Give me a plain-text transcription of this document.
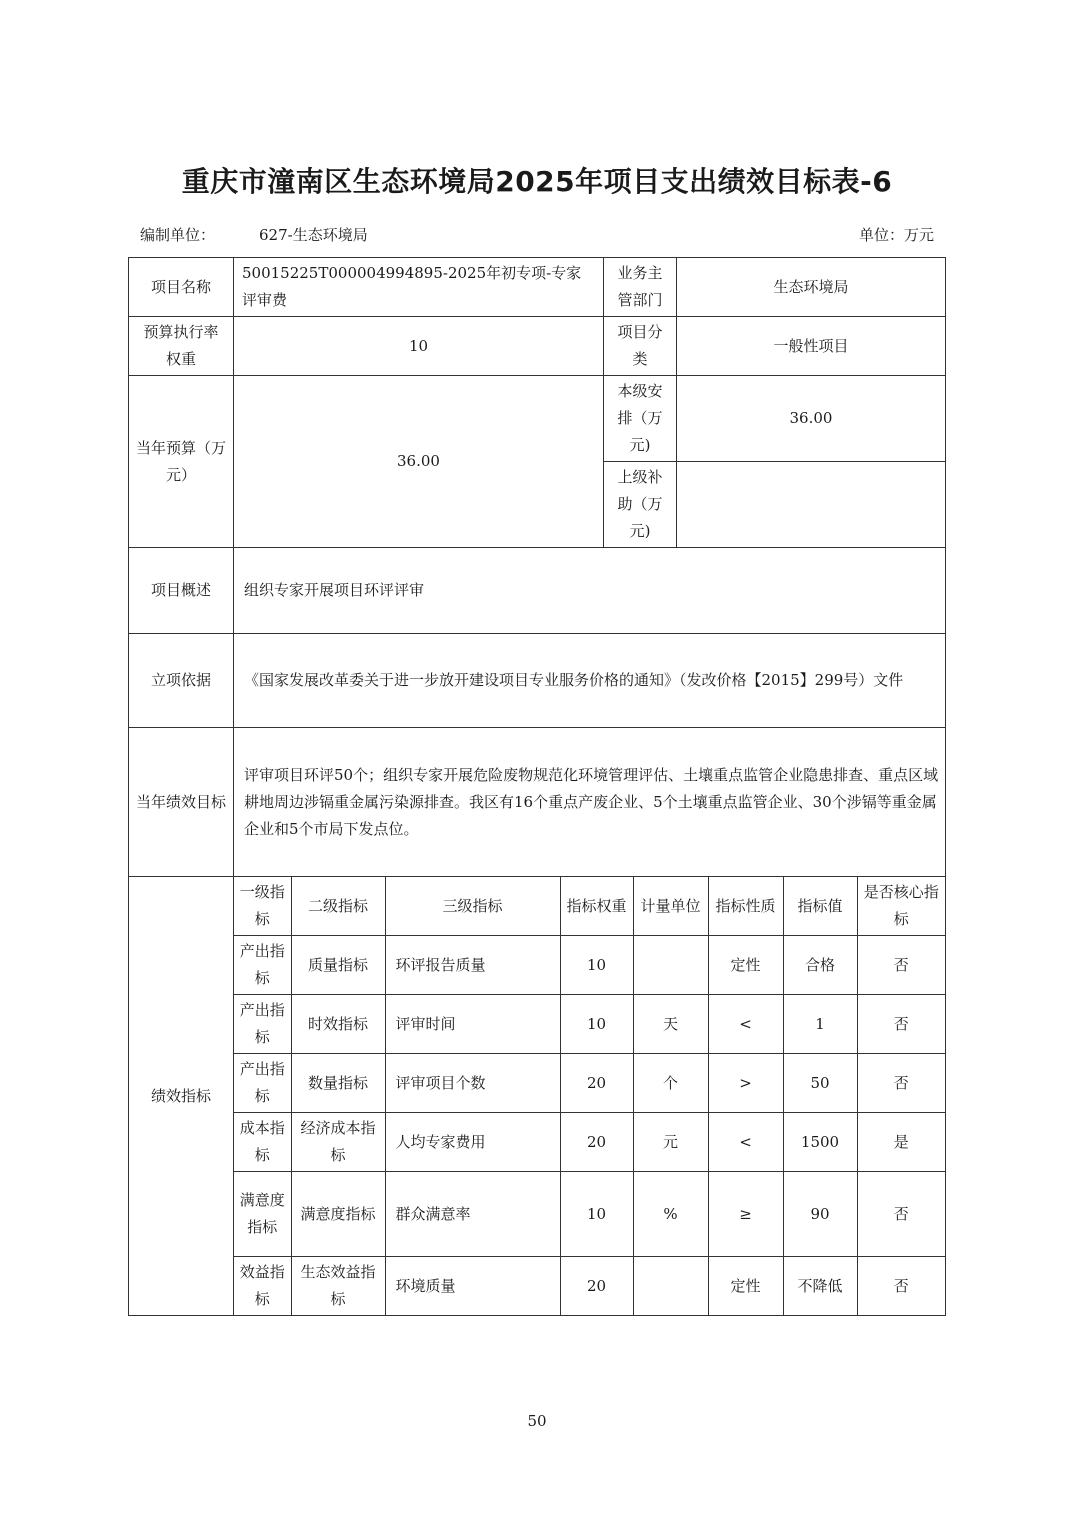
重庆市潼南区生态环境局2025年项目支出绩效目标表-6
编制单位：	627-生态环境局	单位：万元
项目名称	50015225T000004994895-2025年初专项-专家评审费	业务主管部门	生态环境局
预算执行率权重	10	项目分类	一般性项目
当年预算（万元）	36.00	本级安排（万元)	36.00
上级补助（万元)	
项目概述	组织专家开展项目环评评审
立项依据	《国家发展改革委关于进一步放开建设项目专业服务价格的通知》（发改价格【2015】299号）文件
当年绩效目标	评审项目环评50个；组织专家开展危险废物规范化环境管理评估、土壤重点监管企业隐患排查、重点区域耕地周边涉镉重金属污染源排查。我区有16个重点产废企业、5个土壤重点监管企业、30个涉镉等重金属企业和5个市局下发点位。
绩效指标	
一级指标	二级指标	三级指标	指标权重	计量单位	指标性质	指标值	是否核心指标
产出指标	质量指标	环评报告质量	10		定性	合格	否
产出指标	时效指标	评审时间	10	天	<	1	否
产出指标	数量指标	评审项目个数	20	个	>	50	否
成本指标	经济成本指标	人均专家费用	20	元	<	1500	是
满意度指标	满意度指标	群众满意率	10	%	≥	90	否
效益指标	生态效益指标	环境质量	20		定性	不降低	否
50
